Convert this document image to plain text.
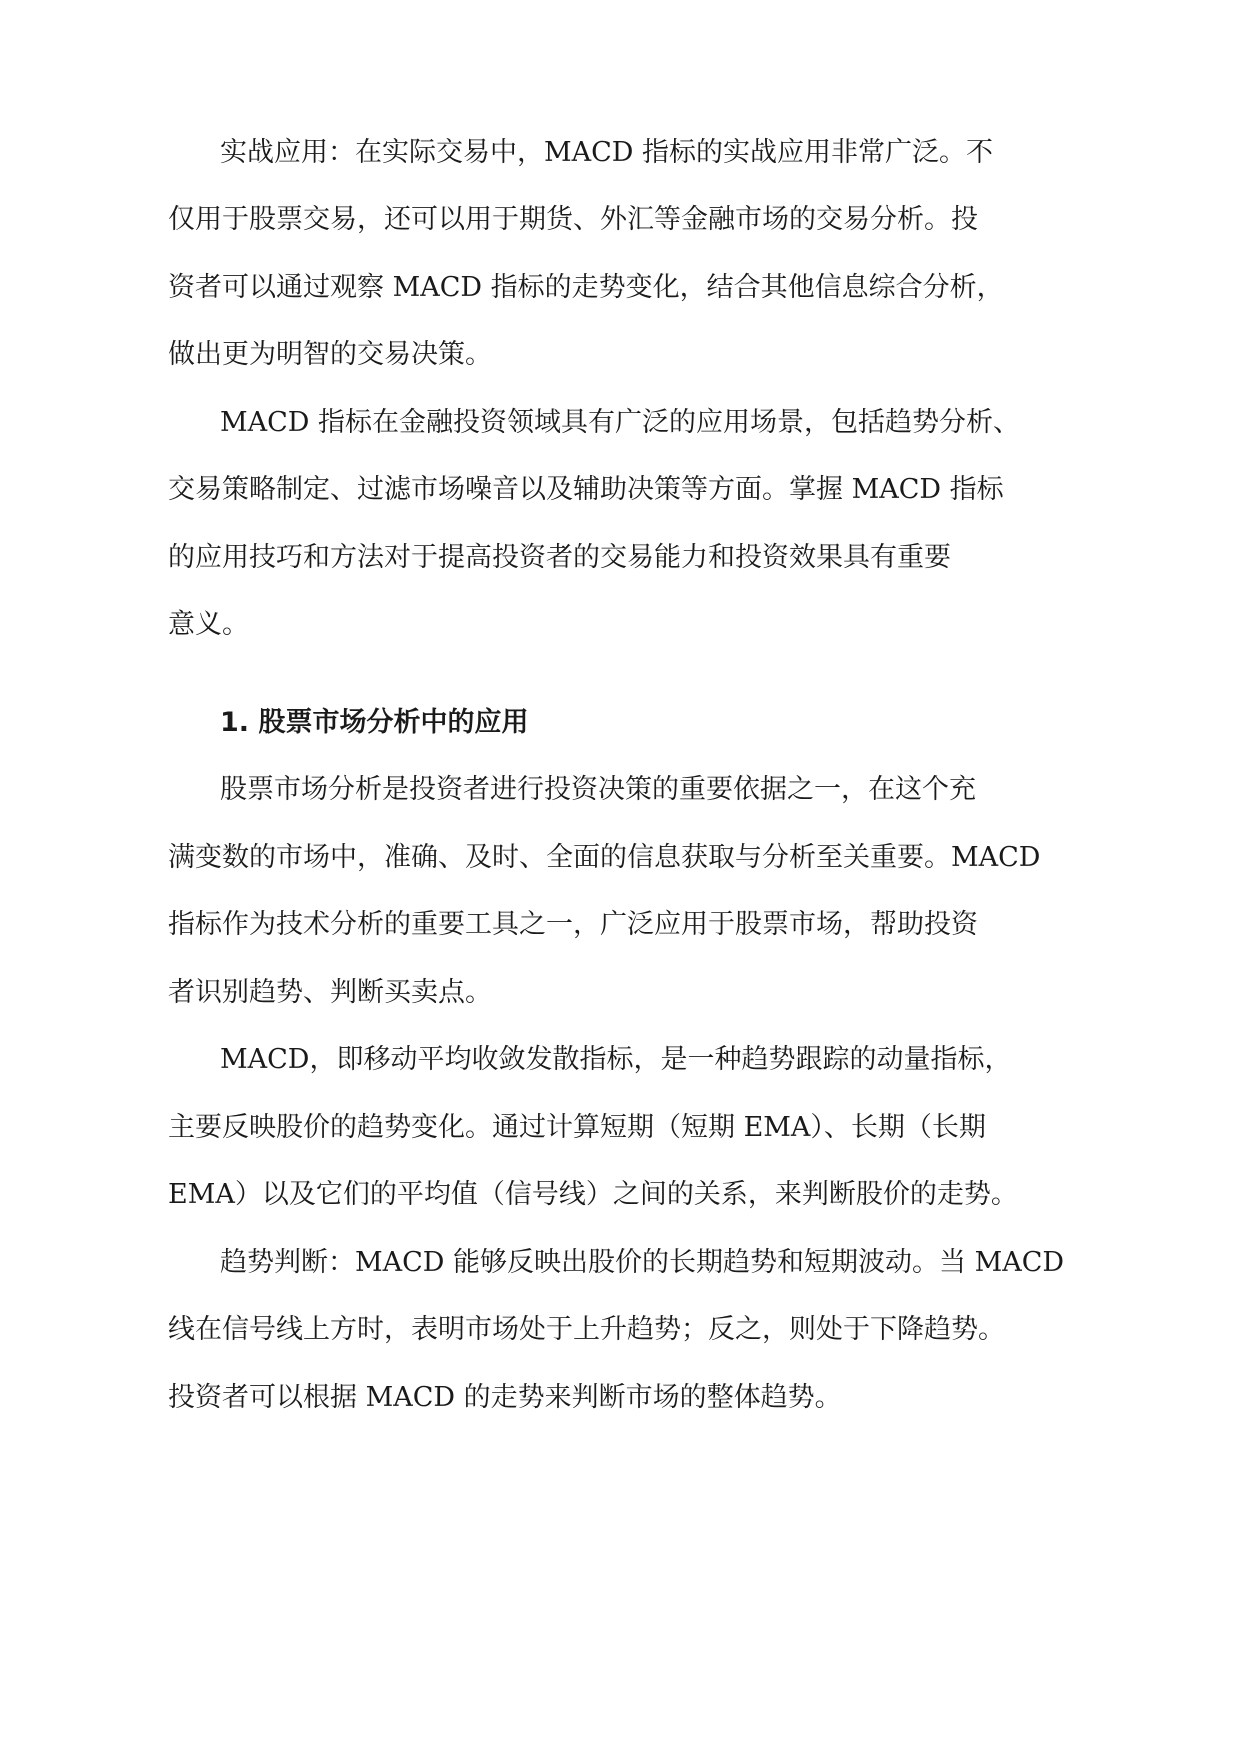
实战应用：在实际交易中，MACD 指标的实战应用非常广泛。不
仅用于股票交易，还可以用于期货、外汇等金融市场的交易分析。投
资者可以通过观察 MACD 指标的走势变化，结合其他信息综合分析，
做出更为明智的交易决策。
MACD 指标在金融投资领域具有广泛的应用场景，包括趋势分析、
交易策略制定、过滤市场噪音以及辅助决策等方面。掌握 MACD 指标
的应用技巧和方法对于提高投资者的交易能力和投资效果具有重要
意义。
1. 股票市场分析中的应用
股票市场分析是投资者进行投资决策的重要依据之一，在这个充
满变数的市场中，准确、及时、全面的信息获取与分析至关重要。MACD
指标作为技术分析的重要工具之一，广泛应用于股票市场，帮助投资
者识别趋势、判断买卖点。
MACD，即移动平均收敛发散指标，是一种趋势跟踪的动量指标，
主要反映股价的趋势变化。通过计算短期（短期 EMA）、长期（长期
EMA）以及它们的平均值（信号线）之间的关系，来判断股价的走势。
趋势判断：MACD 能够反映出股价的长期趋势和短期波动。当 MACD
线在信号线上方时，表明市场处于上升趋势；反之，则处于下降趋势。
投资者可以根据 MACD 的走势来判断市场的整体趋势。
